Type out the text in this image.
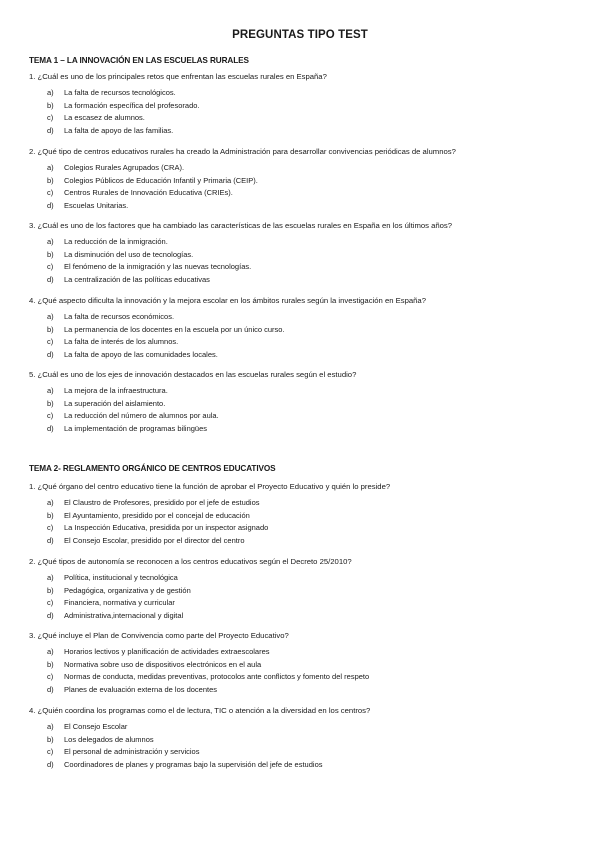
PREGUNTAS TIPO TEST
TEMA 1 – LA INNOVACIÓN EN LAS ESCUELAS RURALES
1. ¿Cuál es uno de los principales retos que enfrentan las escuelas rurales en España?
a) La falta de recursos tecnológicos.
b) La formación específica del profesorado.
c) La escasez de alumnos.
d) La falta de apoyo de las familias.
2. ¿Qué tipo de centros educativos rurales ha creado la Administración para desarrollar convivencias periódicas de alumnos?
a) Colegios Rurales Agrupados (CRA).
b) Colegios Públicos de Educación Infantil y Primaria (CEIP).
c) Centros Rurales de Innovación Educativa (CRIEs).
d) Escuelas Unitarias.
3. ¿Cuál es uno de los factores que ha cambiado las características de las escuelas rurales en España en los últimos años?
a) La reducción de la inmigración.
b) La disminución del uso de tecnologías.
c) El fenómeno de la inmigración y las nuevas tecnologías.
d) La centralización de las políticas educativas
4. ¿Qué aspecto dificulta la innovación y la mejora escolar en los ámbitos rurales según la investigación en España?
a) La falta de recursos económicos.
b) La permanencia de los docentes en la escuela por un único curso.
c) La falta de interés de los alumnos.
d) La falta de apoyo de las comunidades locales.
5. ¿Cuál es uno de los ejes de innovación destacados en las escuelas rurales según el estudio?
a) La mejora de la infraestructura.
b) La superación del aislamiento.
c) La reducción del número de alumnos por aula.
d) La implementación de programas bilingües
TEMA 2- REGLAMENTO ORGÁNICO DE CENTROS EDUCATIVOS
1. ¿Qué órgano del centro educativo tiene la función de aprobar el Proyecto Educativo y quién lo preside?
a) El Claustro de Profesores, presidido por el jefe de estudios
b) El Ayuntamiento, presidido por el concejal de educación
c) La Inspección Educativa, presidida por un inspector asignado
d) El Consejo Escolar, presidido por el director del centro
2. ¿Qué tipos de autonomía se reconocen a los centros educativos según el Decreto 25/2010?
a) Política, institucional y tecnológica
b) Pedagógica, organizativa y de gestión
c) Financiera, normativa y curricular
d) Administrativa,internacional y digital
3. ¿Qué incluye el Plan de Convivencia como parte del Proyecto Educativo?
a) Horarios lectivos y planificación de actividades extraescolares
b) Normativa sobre uso de dispositivos electrónicos en el aula
c) Normas de conducta, medidas preventivas, protocolos ante conflictos y fomento del respeto
d) Planes de evaluación externa de los docentes
4. ¿Quién coordina los programas como el de lectura, TIC o atención a la diversidad en los centros?
a) El Consejo Escolar
b) Los delegados de alumnos
c) El personal de administración y servicios
d) Coordinadores de planes y programas bajo la supervisión del jefe de estudios
